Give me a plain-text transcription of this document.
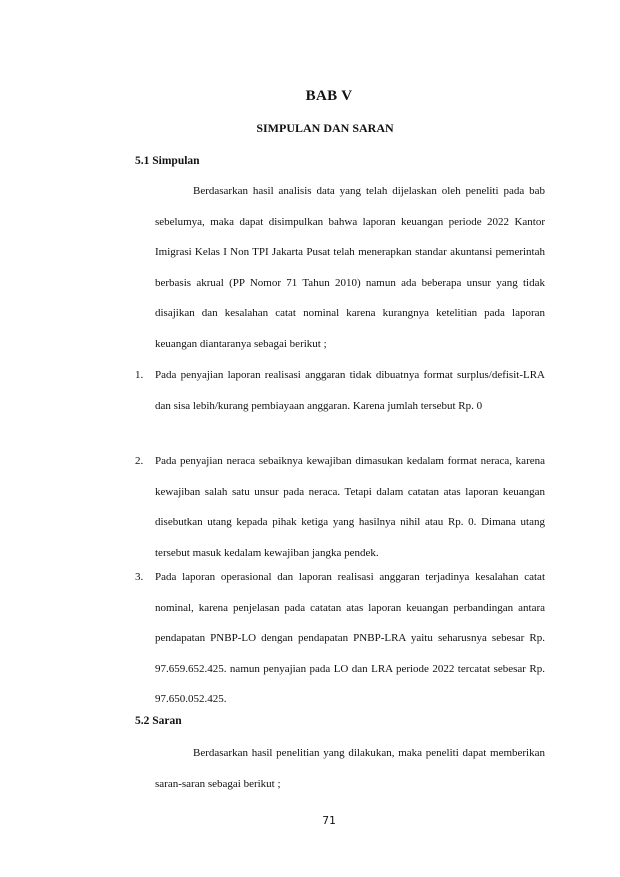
BAB V
SIMPULAN DAN SARAN
5.1 Simpulan

Berdasarkan hasil analisis data yang telah dijelaskan oleh peneliti pada bab sebelumya, maka dapat disimpulkan bahwa laporan keuangan periode 2022 Kantor Imigrasi Kelas I Non TPI Jakarta Pusat telah menerapkan standar akuntansi pemerintah berbasis akrual (PP Nomor 71 Tahun 2010) namun ada beberapa unsur yang tidak disajikan dan kesalahan catat nominal karena kurangnya ketelitian pada laporan keuangan diantaranya sebagai berikut ;

1.	Pada penyajian laporan realisasi anggaran tidak dibuatnya format surplus/defisit-LRA dan sisa lebih/kurang pembiayaan anggaran. Karena jumlah tersebut Rp. 0
2.	Pada penyajian neraca sebaiknya kewajiban dimasukan kedalam format neraca, karena kewajiban salah satu unsur pada neraca. Tetapi dalam catatan atas laporan keuangan disebutkan utang kepada pihak ketiga yang hasilnya nihil atau Rp. 0. Dimana utang tersebut masuk kedalam kewajiban jangka pendek.
3.	Pada laporan operasional dan laporan realisasi anggaran terjadinya kesalahan catat nominal, karena penjelasan pada catatan atas laporan keuangan perbandingan antara pendapatan PNBP-LO dengan pendapatan PNBP-LRA yaitu seharusnya sebesar Rp. 97.659.652.425. namun penyajian pada LO dan LRA periode 2022 tercatat sebesar Rp. 97.650.052.425.
5.2 Saran

Berdasarkan hasil penelitian yang dilakukan, maka peneliti dapat memberikan saran-saran sebagai berikut ;

71
